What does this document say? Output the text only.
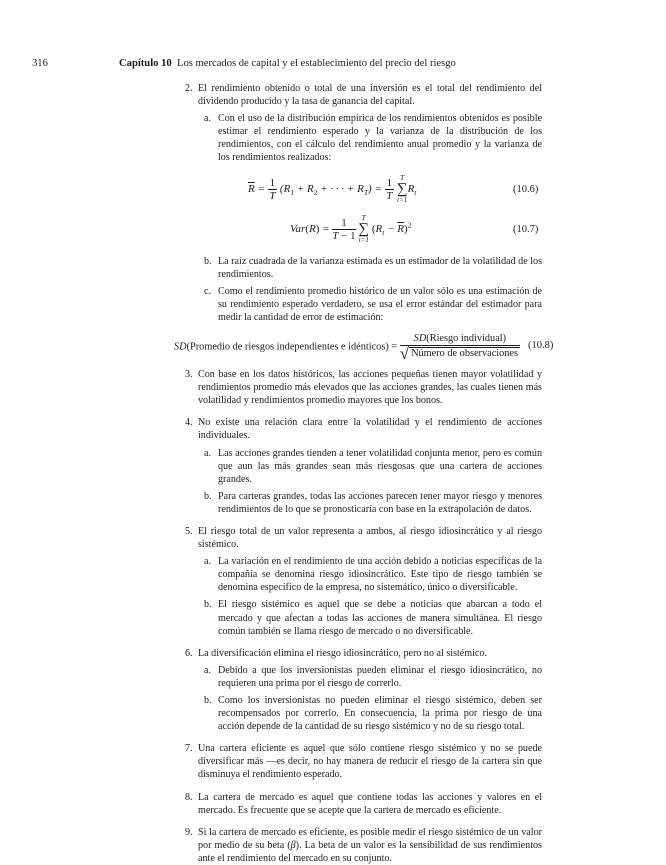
316	Capítulo 10 Los mercados de capital y el establecimiento del precio del riesgo
2. El rendimiento obtenido o total de una inversión es el total del rendimiento del dividendo producido y la tasa de ganancia del capital.
a. Con el uso de la distribución empírica de los rendimientos obtenidos es posible estimar el rendimiento esperado y la varianza de la distribución de los rendimientos, con el cálculo del rendimiento anual promedio y la varianza de los rendimientos realizados:
$\overline{R} = \frac{1}{T} (R_1 + R_2$ + · · · + $R_T) = \frac{1}{T}$
T
∑
t=1
$R_t$	(10.6)
$Var(R) = \frac{1}{T - 1}$
T
∑
t=1
$(R_t - \overline{R})^2$	(10.7)
b. La raíz cuadrada de la varianza estimada es un estimador de la volatilidad de los rendimientos.
c. Como el rendimiento promedio histórico de un valor sólo es una estimación de su rendimiento esperado verdadero, se usa el error estándar del estimador para medir la cantidad de error de estimación:
SD(Promedio de riesgos independientes e idénticos) = $\frac{\text{SD(Riesgo individual)}}{\text{√ Número de observaciones}} (10.8)$
3. Con base en los datos históricos, las acciones pequeñas tienen mayor volatilidad y rendimientos promedio más elevados que las acciones grandes, las cuales tienen más volatilidad y rendimientos promedio mayores que los bonos.
4. No existe una relación clara entre la volatilidad y el rendimiento de acciones individuales.
a. Las acciones grandes tienden a tener volatilidad conjunta menor, pero es común que aun las más grandes sean más riesgosas que una cartera de acciones grandes.
b. Para carteras grandes, todas las acciones parecen tener mayor riesgo y menores rendimientos de lo que se pronosticaría con base en la extrapolación de datos.
5. El riesgo total de un valor representa a ambos, al riesgo idiosincrático y al riesgo sistémico.
a. La variación en el rendimiento de una acción debido a noticias específicas de la compañía se denomina riesgo idiosincrático. Este tipo de riesgo también se denomina específico de la empresa, no sistemático, único o diversificable.
b. El riesgo sistémico es aquel que se debe a noticias que abarcan a todo el mercado y que afectan a todas las acciones de manera simultánea. El riesgo común también se llama riesgo de mercado o no diversificable.
6. La diversificación elimina el riesgo idiosincrático, pero no al sistémico.
a. Debido a que los inversionistas pueden eliminar el riesgo idiosincrático, no requieren una prima por el riesgo de correrlo.
b. Como los inversionistas no pueden eliminar el riesgo sistémico, deben ser recompensados por correrlo. En consecuencia, la prima por riesgo de una acción depende de la cantidad de su riesgo sistémico y no de su riesgo total.
7. Una cartera eficiente es aquel que sólo contiene riesgo sistémico y no se puede diversificar más —es decir, no hay manera de reducir el riesgo de la cartera sin que disminuya el rendimiento esperado.
8. La cartera de mercado es aquel que contiene todas las acciones y valores en el mercado. Es frecuente que se acepte que la cartera de mercado es eficiente.
9. Si la cartera de mercado es eficiente, es posible medir el riesgo sistémico de un valor por medio de su beta (β). La beta de un valor es la sensibilidad de sus rendimientos ante el rendimiento del mercado en su conjunto.
